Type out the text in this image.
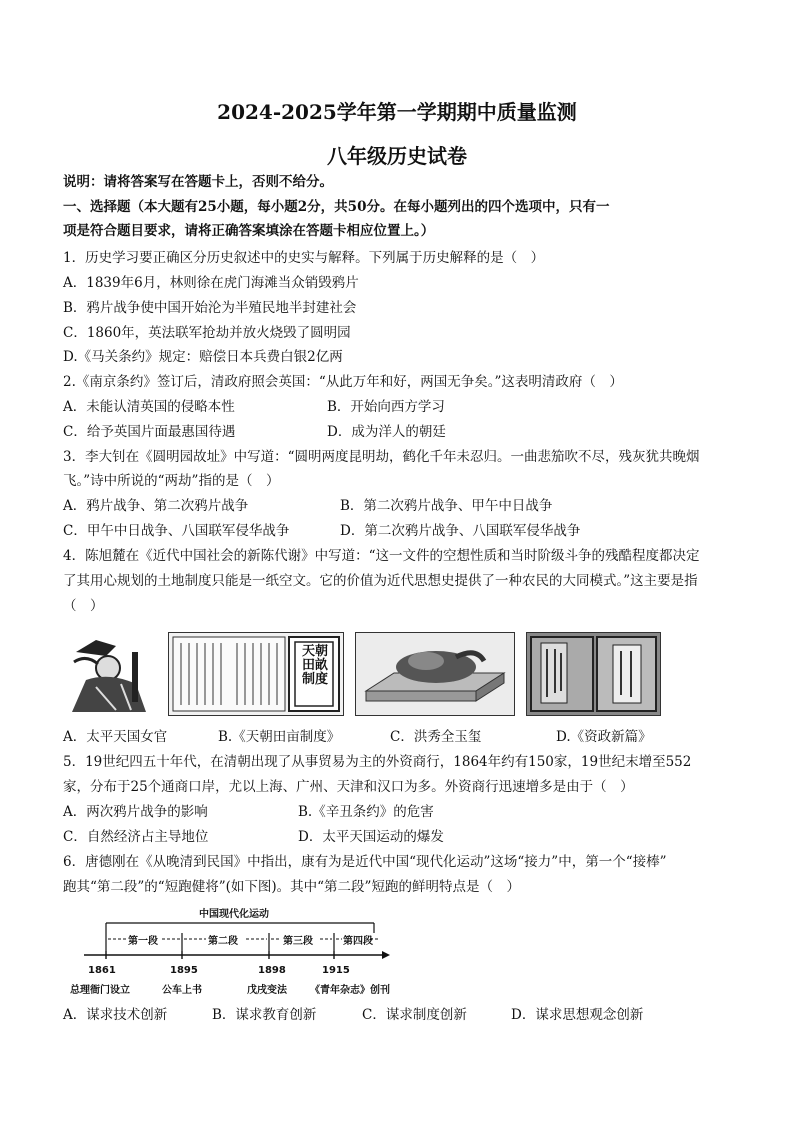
2024-2025学年第一学期期中质量监测
八年级历史试卷
说明：请将答案写在答题卡上，否则不给分。
一、选择题（本大题有25小题，每小题2分，共50分。在每小题列出的四个选项中，只有一
项是符合题目要求，请将正确答案填涂在答题卡相应位置上。）
1．历史学习要正确区分历史叙述中的史实与解释。下列属于历史解释的是（　）
A．1839年6月，林则徐在虎门海滩当众销毁鸦片
B．鸦片战争使中国开始沦为半殖民地半封建社会
C．1860年，英法联军抢劫并放火烧毁了圆明园
D.《马关条约》规定：赔偿日本兵费白银2亿两
2.《南京条约》签订后，清政府照会英国：“从此万年和好，两国无争矣。”这表明清政府（　）
A．未能认清英国的侵略本性	B．开始向西方学习
C．给予英国片面最惠国待遇	D．成为洋人的朝廷
3．李大钊在《圆明园故址》中写道：“圆明两度昆明劫，鹤化千年未忍归。一曲悲笳吹不尽，残灰犹共晚烟
飞。”诗中所说的“两劫”指的是（　）
A．鸦片战争、第二次鸦片战争	B．第二次鸦片战争、甲午中日战争
C．甲午中日战争、八国联军侵华战争	D．第二次鸦片战争、八国联军侵华战争
4．陈旭麓在《近代中国社会的新陈代谢》中写道：“这一文件的空想性质和当时阶级斗争的残酷程度都决定
了其用心规划的土地制度只能是一纸空文。它的价值为近代思想史提供了一种农民的大同模式。”这主要是指
（　）
天朝田畝制度
A．太平天国女官	B.《天朝田亩制度》	C．洪秀全玉玺	D.《资政新篇》
5．19世纪四五十年代，在清朝出现了从事贸易为主的外资商行，1864年约有150家，19世纪末增至552
家，分布于25个通商口岸，尤以上海、广州、天津和汉口为多。外资商行迅速增多是由于（　）
A．两次鸦片战争的影响	B.《辛丑条约》的危害
C．自然经济占主导地位	D．太平天国运动的爆发
6．唐德刚在《从晚清到民国》中指出，康有为是近代中国“现代化运动”这场“接力”中，第一个“接棒”
跑其“第二段”的“短跑健将”(如下图)。其中“第二段”短跑的鲜明特点是（　）
中国现代化运动
第一段	第二段	第三段	第四段
1861	1895	1898	1915
总理衙门设立	公车上书	戊戌变法 《青年杂志》创刊
A．谋求技术创新	B．谋求教育创新	C．谋求制度创新	D．谋求思想观念创新
